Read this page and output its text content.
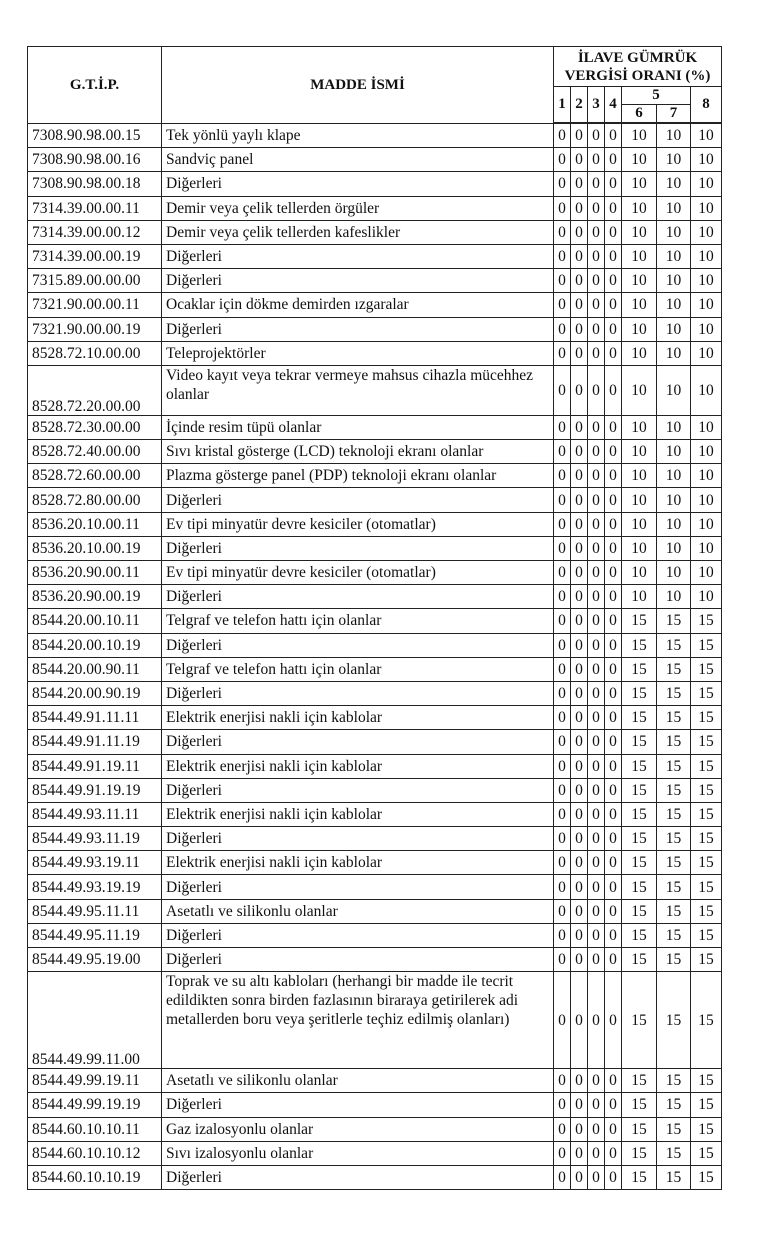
G.T.İ.P.	MADDE İSMİ	İLAVE GÜMRÜK
VERGİSİ ORANI (%)						

		1	2	3	4	5		8
						6	7	

7308.90.98.00.15	Tek yönlü yaylı klape	0	0	0	0	10	10	10
7308.90.98.00.16	Sandviç panel	0	0	0	0	10	10	10
7308.90.98.00.18	Diğerleri	0	0	0	0	10	10	10
7314.39.00.00.11	Demir veya çelik tellerden örgüler	0	0	0	0	10	10	10
7314.39.00.00.12	Demir veya çelik tellerden kafeslikler	0	0	0	0	10	10	10
7314.39.00.00.19	Diğerleri	0	0	0	0	10	10	10
7315.89.00.00.00	Diğerleri	0	0	0	0	10	10	10
7321.90.00.00.11	Ocaklar için dökme demirden ızgaralar	0	0	0	0	10	10	10
7321.90.00.00.19	Diğerleri	0	0	0	0	10	10	10
8528.72.10.00.00	Teleprojektörler	0	0	0	0	10	10	10
8528.72.20.00.00	Video kayıt veya tekrar vermeye mahsus cihazla mücehhez olanlar	0	0	0	0	10	10	10
8528.72.30.00.00	İçinde resim tüpü olanlar	0	0	0	0	10	10	10
8528.72.40.00.00	Sıvı kristal gösterge (LCD) teknoloji ekranı olanlar	0	0	0	0	10	10	10
8528.72.60.00.00	Plazma gösterge panel (PDP) teknoloji ekranı olanlar	0	0	0	0	10	10	10
8528.72.80.00.00	Diğerleri	0	0	0	0	10	10	10
8536.20.10.00.11	Ev tipi minyatür devre kesiciler (otomatlar)	0	0	0	0	10	10	10
8536.20.10.00.19	Diğerleri	0	0	0	0	10	10	10
8536.20.90.00.11	Ev tipi minyatür devre kesiciler (otomatlar)	0	0	0	0	10	10	10
8536.20.90.00.19	Diğerleri	0	0	0	0	10	10	10
8544.20.00.10.11	Telgraf ve telefon hattı için olanlar	0	0	0	0	15	15	15
8544.20.00.10.19	Diğerleri	0	0	0	0	15	15	15
8544.20.00.90.11	Telgraf ve telefon hattı için olanlar	0	0	0	0	15	15	15
8544.20.00.90.19	Diğerleri	0	0	0	0	15	15	15
8544.49.91.11.11	Elektrik enerjisi nakli için kablolar	0	0	0	0	15	15	15
8544.49.91.11.19	Diğerleri	0	0	0	0	15	15	15
8544.49.91.19.11	Elektrik enerjisi nakli için kablolar	0	0	0	0	15	15	15
8544.49.91.19.19	Diğerleri	0	0	0	0	15	15	15
8544.49.93.11.11	Elektrik enerjisi nakli için kablolar	0	0	0	0	15	15	15
8544.49.93.11.19	Diğerleri	0	0	0	0	15	15	15
8544.49.93.19.11	Elektrik enerjisi nakli için kablolar	0	0	0	0	15	15	15
8544.49.93.19.19	Diğerleri	0	0	0	0	15	15	15
8544.49.95.11.11	Asetatlı ve silikonlu olanlar	0	0	0	0	15	15	15
8544.49.95.11.19	Diğerleri	0	0	0	0	15	15	15
8544.49.95.19.00	Diğerleri	0	0	0	0	15	15	15
8544.49.99.11.00	Toprak ve su altı kabloları (herhangi bir madde ile tecrit edildikten sonra birden fazlasının biraraya getirilerek adi metallerden boru veya şeritlerle teçhiz edilmiş olanları)	0	0	0	0	15	15	15
8544.49.99.19.11	Asetatlı ve silikonlu olanlar	0	0	0	0	15	15	15
8544.49.99.19.19	Diğerleri	0	0	0	0	15	15	15
8544.60.10.10.11	Gaz izalosyonlu olanlar	0	0	0	0	15	15	15
8544.60.10.10.12	Sıvı izalosyonlu olanlar	0	0	0	0	15	15	15
8544.60.10.10.19	Diğerleri	0	0	0	0	15	15	15
